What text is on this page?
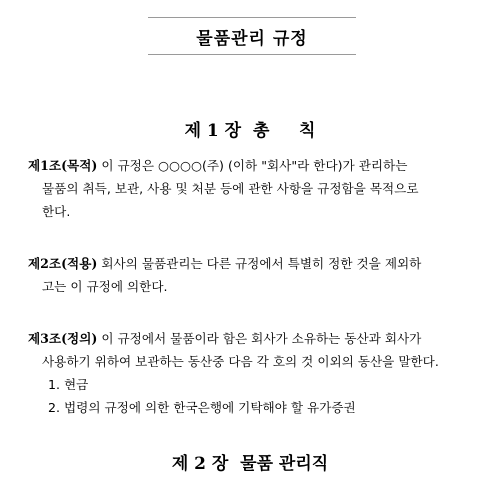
물품관리 규정
제 1 장  총     칙
제1조(목적) 이 규정은 ○○○○(주) (이하 "회사"라 한다)가 관리하는
물품의 취득, 보관, 사용 및 처분 등에 관한 사항을 규정함을 목적으로
한다.
제2조(적용) 회사의 물품관리는 다른 규정에서 특별히 정한 것을 제외하
고는 이 규정에 의한다.
제3조(정의) 이 규정에서 물품이라 함은 회사가 소유하는 동산과 회사가
사용하기 위하여 보관하는 동산중 다음 각 호의 것 이외의 동산을 말한다.
1. 현금
2. 법령의 규정에 의한 한국은행에 기탁해야 할 유가증권
제 2 장  물품 관리직
